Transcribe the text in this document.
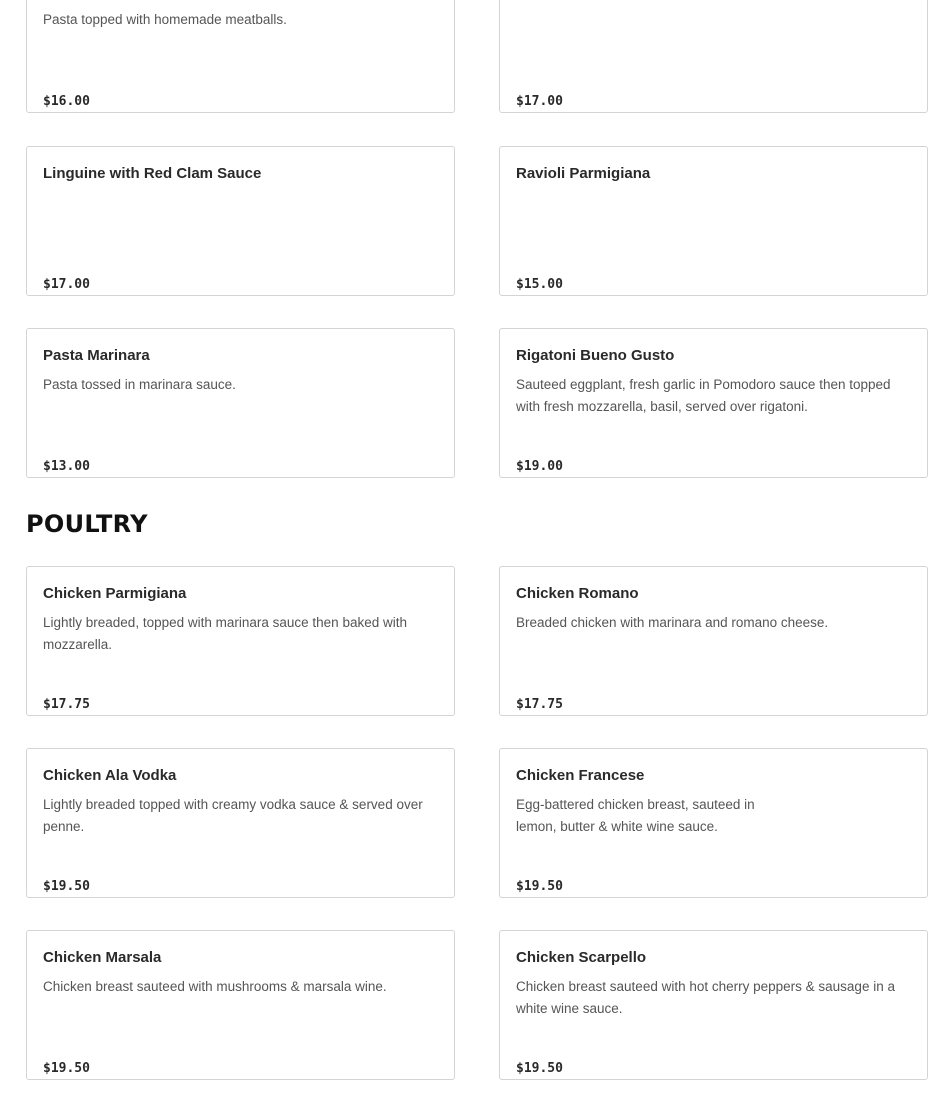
Pasta topped with homemade meatballs.
$16.00	$17.00
Linguine with Red Clam Sauce
$17.00
Ravioli Parmigiana
$15.00
Pasta Marinara
Pasta tossed in marinara sauce.
$13.00
Rigatoni Bueno Gusto
Sauteed eggplant, fresh garlic in Pomodoro sauce then topped with fresh mozzarella, basil, served over rigatoni.
$19.00
POULTRY
Chicken Parmigiana
Lightly breaded, topped with marinara sauce then baked with mozzarella.
$17.75
Chicken Romano
Breaded chicken with marinara and romano cheese.
$17.75
Chicken Ala Vodka
Lightly breaded topped with creamy vodka sauce & served over penne.
$19.50
Chicken Francese
Egg-battered chicken breast, sauteed in lemon, butter & white wine sauce.
$19.50
Chicken Marsala
Chicken breast sauteed with mushrooms & marsala wine.
$19.50
Chicken Scarpello
Chicken breast sauteed with hot cherry peppers & sausage in a white wine sauce.
$19.50
